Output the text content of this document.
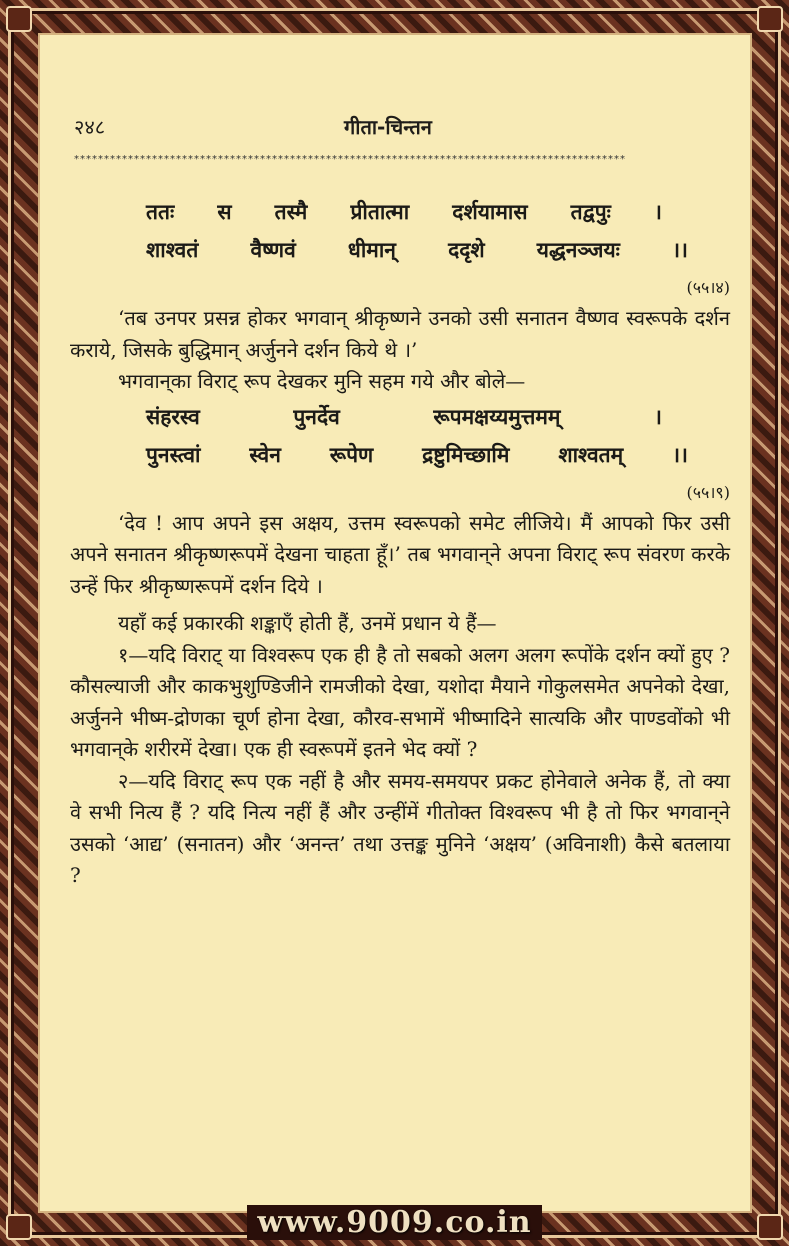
२४८	गीता-चिन्तन
********************************************************************************************
ततः स तस्मै प्रीतात्मा दर्शयामास तद्वपुः ।
शाश्वतं वैष्णवं धीमान् ददृशे यद्धनञ्जयः ।।
(५५।४)

‘तब उनपर प्रसन्न होकर भगवान् श्रीकृष्णने उनको उसी सनातन वैष्णव स्वरूपके दर्शन कराये, जिसके बुद्धिमान् अर्जुनने दर्शन किये थे ।’

भगवान्‌का विराट् रूप देखकर मुनि सहम गये और बोले—

संहरस्व पुनर्देव रूपमक्षय्यमुत्तमम् ।
पुनस्त्वां स्वेन रूपेण द्रष्टुमिच्छामि शाश्वतम् ।।
(५५।९)

‘देव ! आप अपने इस अक्षय, उत्तम स्वरूपको समेट लीजिये। मैं आपको फिर उसी अपने सनातन श्रीकृष्णरूपमें देखना चाहता हूँ।’ तब भगवान्‌ने अपना विराट् रूप संवरण करके उन्हें फिर श्रीकृष्णरूपमें दर्शन दिये ।

यहाँ कई प्रकारकी शङ्काएँ होती हैं, उनमें प्रधान ये हैं—

१—यदि विराट् या विश्वरूप एक ही है तो सबको अलग अलग रूपोंके दर्शन क्यों हुए ? कौसल्याजी और काकभुशुण्डिजीने रामजीको देखा, यशोदा मैयाने गोकुलसमेत अपनेको देखा, अर्जुनने भीष्म-द्रोणका चूर्ण होना देखा, कौरव-सभामें भीष्मादिने सात्यकि और पाण्डवोंको भी भगवान्‌के शरीरमें देखा। एक ही स्वरूपमें इतने भेद क्यों ?

२—यदि विराट् रूप एक नहीं है और समय-समयपर प्रकट होनेवाले अनेक हैं, तो क्या वे सभी नित्य हैं ? यदि नित्य नहीं हैं और उन्हींमें गीतोक्त विश्वरूप भी है तो फिर भगवान्‌ने उसको ‘आद्य’ (सनातन) और ‘अनन्त’ तथा उत्तङ्क मुनिने ‘अक्षय’ (अविनाशी) कैसे बतलाया ?

www.9009.co.in
